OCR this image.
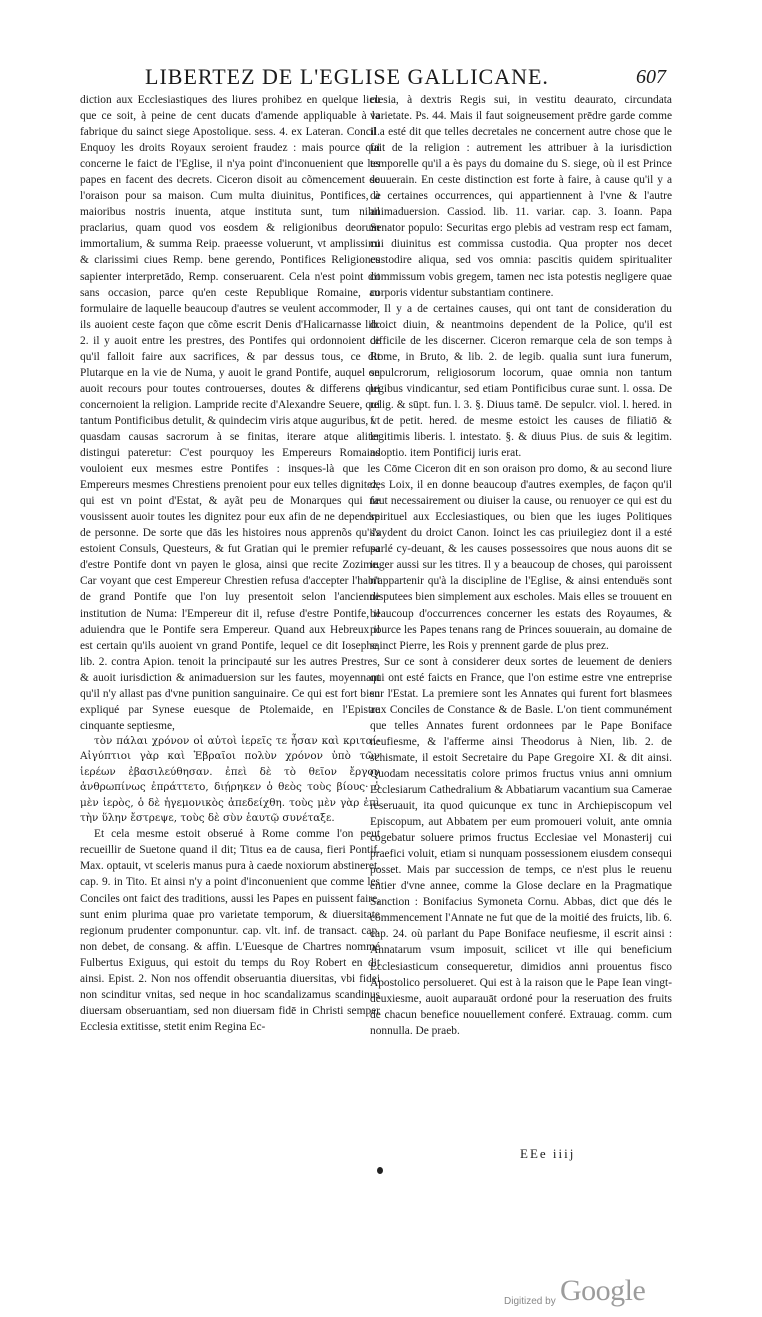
LIBERTEZ DE L'EGLISE GALLICANE.	607

diction aux Ecclesiastiques des liures prohibez en quelque lieu que ce soit, à peine de cent ducats d'amende appliquable à la fabrique du sainct siege Apostolique. sess. 4. ex Lateran. Concil. Enquoy les droits Royaux seroient fraudez : mais pource qui concerne le faict de l'Eglise, il n'ya point d'inconuenient que les papes en facent des decrets. Ciceron disoit au cõmencement de l'oraison pour sa maison. Cum multa diuinitus, Pontifices, à maioribus nostris inuenta, atque instituta sunt, tum nihil praclarius, quam quod vos eosdem & religionibus deorum immortalium, & summa Reip. praeesse voluerunt, vt amplissimi & clarissimi ciues Remp. bene gerendo, Pontifices Religiones sapienter interpretādo, Remp. conseruarent. Cela n'est point dit sans occasion, parce qu'en ceste Republique Romaine, au formulaire de laquelle beaucoup d'autres se veulent accommoder, ils auoient ceste façon que cõme escrit Denis d'Halicarnasse lib. 2. il y auoit entre les prestres, des Pontifes qui ordonnoient ce qu'il falloit faire aux sacrifices, & par dessus tous, ce dit Plutarque en la vie de Numa, y auoit le grand Pontife, auquel on auoit recours pour toutes controuerses, doutes & differens qui concernoient la religion. Lampride recite d'Alexandre Seuere, qui tantum Pontificibus detulit, & quindecim viris atque auguribus, vt quasdam causas sacrorum à se finitas, iterare atque aliter distingui pateretur: C'est pourquoy les Empereurs Romains vouloient eux mesmes estre Pontifes : insques-là que les Empereurs mesmes Chrestiens prenoient pour eux telles dignitez, qui est vn point d'Estat, & ayãt peu de Monarques qui ne vousissent auoir toutes les dignitez pour eux afin de ne dependre de personne. De sorte que dās les histoires nous apprenõs qu'ils estoient Consuls, Questeurs, & fut Gratian qui le premier refusa d'estre Pontife dont vn payen le glosa, ainsi que recite Zozime. Car voyant que cest Empereur Chrestien refusa d'accepter l'habit de grand Pontife que l'on luy presentoit selon l'ancienne institution de Numa: l'Empereur dit il, refuse d'estre Pontife, il aduiendra que le Pontife sera Empereur. Quand aux Hebreux il est certain qu'ils auoient vn grand Pontife, lequel ce dit Iosephe, lib. 2. contra Apion. tenoit la principauté sur les autres Prestres, & auoit iurisdiction & animaduersion sur les fautes, moyennant qu'il n'y allast pas d'vne punition sanguinaire. Ce qui est fort bien expliqué par Synese euesque de Ptolemaide, en l'Epistre cinquante septiesme,

τὸν πάλαι χρόνον οἱ αὐτοὶ ἱερεῖς τε ἦσαν καὶ κριταί· Αἰγύπτιοι γὰρ καὶ Ἑβραῖοι πολὺν χρόνον ὑπὸ τῶν ἱερέων ἐβασιλεύθησαν. ἐπεὶ δὲ τὸ θεῖον ἔργον ἀνθρωπίνως ἐπράττετο, διῄρηκεν ὁ θεὸς τοὺς βίους· ὁ μὲν ἱερὸς, ὁ δὲ ἡγεμονικὸς ἀπεδείχθη. τοὺς μὲν γὰρ ἐπὶ τὴν ὕλην ἔστρεψε, τοὺς δὲ σὺν ἑαυτῷ συνέταξε.

Et cela mesme estoit obserué à Rome comme l'on peut recueillir de Suetone quand il dit; Titus ea de causa, fieri Pontif. Max. optauit, vt sceleris manus pura à caede noxiorum abstineret. cap. 9. in Tito. Et ainsi n'y a point d'inconuenient que comme les Conciles ont faict des traditions, aussi les Papes en puissent faire, sunt enim plurima quae pro varietate temporum, & diuersitate regionum prudenter componuntur. cap. vlt. inf. de transact. cap. non debet, de consang. & affin. L'Euesque de Chartres nommé Fulbertus Exiguus, qui estoit du temps du Roy Robert en dit ainsi. Epist. 2. Non nos offendit obseruantia diuersitas, vbi fidei non scinditur vnitas, sed neque in hoc scandalizamus scandinus diuersam obseruantiam, sed non diuersam fidē in Christi semper Ecclesia extitisse, stetit enim Regina Ec-

clesia, à dextris Regis sui, in vestitu deaurato, circundata varietate. Ps. 44. Mais il faut soigneusement prēdre garde comme il a esté dit que telles decretales ne concernent autre chose que le fait de la religion : autrement les attribuer à la iurisdiction temporelle qu'il a ès pays du domaine du S. siege, où il est Prince souuerain. En ceste distinction est forte à faire, à cause qu'il y a de certaines occurrences, qui appartiennent à l'vne & l'autre animaduersion. Cassiod. lib. 11. variar. cap. 3. Ioann. Papa Senator populo: Securitas ergo plebis ad vestram resp ect famam, cui diuinitus est commissa custodia. Qua propter nos decet custodire aliqua, sed vos omnia: pascitis quidem spiritualiter commissum vobis gregem, tamen nec ista potestis negligere quae corporis videntur substantiam continere.

Il y a de certaines causes, qui ont tant de consideration du droict diuin, & neantmoins dependent de la Police, qu'il est difficile de les discerner. Ciceron remarque cela de son temps à Rome, in Bruto, & lib. 2. de legib. qualia sunt iura funerum, sepulcrorum, religiosorum locorum, quae omnia non tantum legibus vindicantur, sed etiam Pontificibus curae sunt. l. ossa. De relig. & sūpt. fun. l. 3. §. Diuus tamē. De sepulcr. viol. l. hered. in f. de petit. hered. de mesme estoict les causes de filiatiō & legitimis liberis. l. intestato. §. & diuus Pius. de suis & legitim. adoptio. item Pontificij iuris erat.

Cōme Ciceron dit en son oraison pro domo, & au second liure des Loix, il en donne beaucoup d'autres exemples, de façon qu'il faut necessairement ou diuiser la cause, ou renuoyer ce qui est du spirituel aux Ecclesiastiques, ou bien que les iuges Politiques s'aydent du droict Canon. Ioinct les cas priuilegiez dont il a esté parlé cy-deuant, & les causes possessoires que nous auons dit se iuger aussi sur les titres. Il y a beaucoup de choses, qui paroissent n'appartenir qu'à la discipline de l'Eglise, & ainsi entenduës sont disputees bien simplement aux escholes. Mais elles se trouuent en beaucoup d'occurrences concerner les estats des Royaumes, & pource les Papes tenans rang de Princes souuerain, au domaine de sainct Pierre, les Rois y prennent garde de plus prez.

Sur ce sont à considerer deux sortes de leuement de deniers qui ont esté faicts en France, que l'on estime estre vne entreprise sur l'Estat. La premiere sont les Annates qui furent fort blasmees aux Conciles de Constance & de Basle. L'on tient communément que telles Annates furent ordonnees par le Pape Boniface neufiesme, & l'afferme ainsi Theodorus à Nien, lib. 2. de schismate, il estoit Secretaire du Pape Gregoire XI. & dit ainsi. Quodam necessitatis colore primos fructus vnius anni omnium Ecclesiarum Cathedralium & Abbatiarum vacantium sua Camerae reseruauit, ita quod quicunque ex tunc in Archiepiscopum vel Episcopum, aut Abbatem per eum promoueri voluit, ante omnia cogebatur soluere primos fructus Ecclesiae vel Monasterij cui praefici voluit, etiam si nunquam possessionem eiusdem consequi posset. Mais par succession de temps, ce n'est plus le reuenu entier d'vne annee, comme la Glose declare en la Pragmatique Sanction : Bonifacius Symoneta Cornu. Abbas, dict que dés le commencement l'Annate ne fut que de la moitié des fruicts, lib. 6. cap. 24. où parlant du Pape Boniface neufiesme, il escrit ainsi : Annatarum vsum imposuit, scilicet vt ille qui beneficium Ecclesiasticum consequeretur, dimidios anni prouentus fisco Apostolico persolueret. Qui est à la raison que le Pape Iean vingt-deuxiesme, auoit auparauāt ordoné pour la reseruation des fruits de chacun benefice nouuellement conferé. Extrauag. comm. cum nonnulla. De praeb.

EEe iiij
Digitized by Google
